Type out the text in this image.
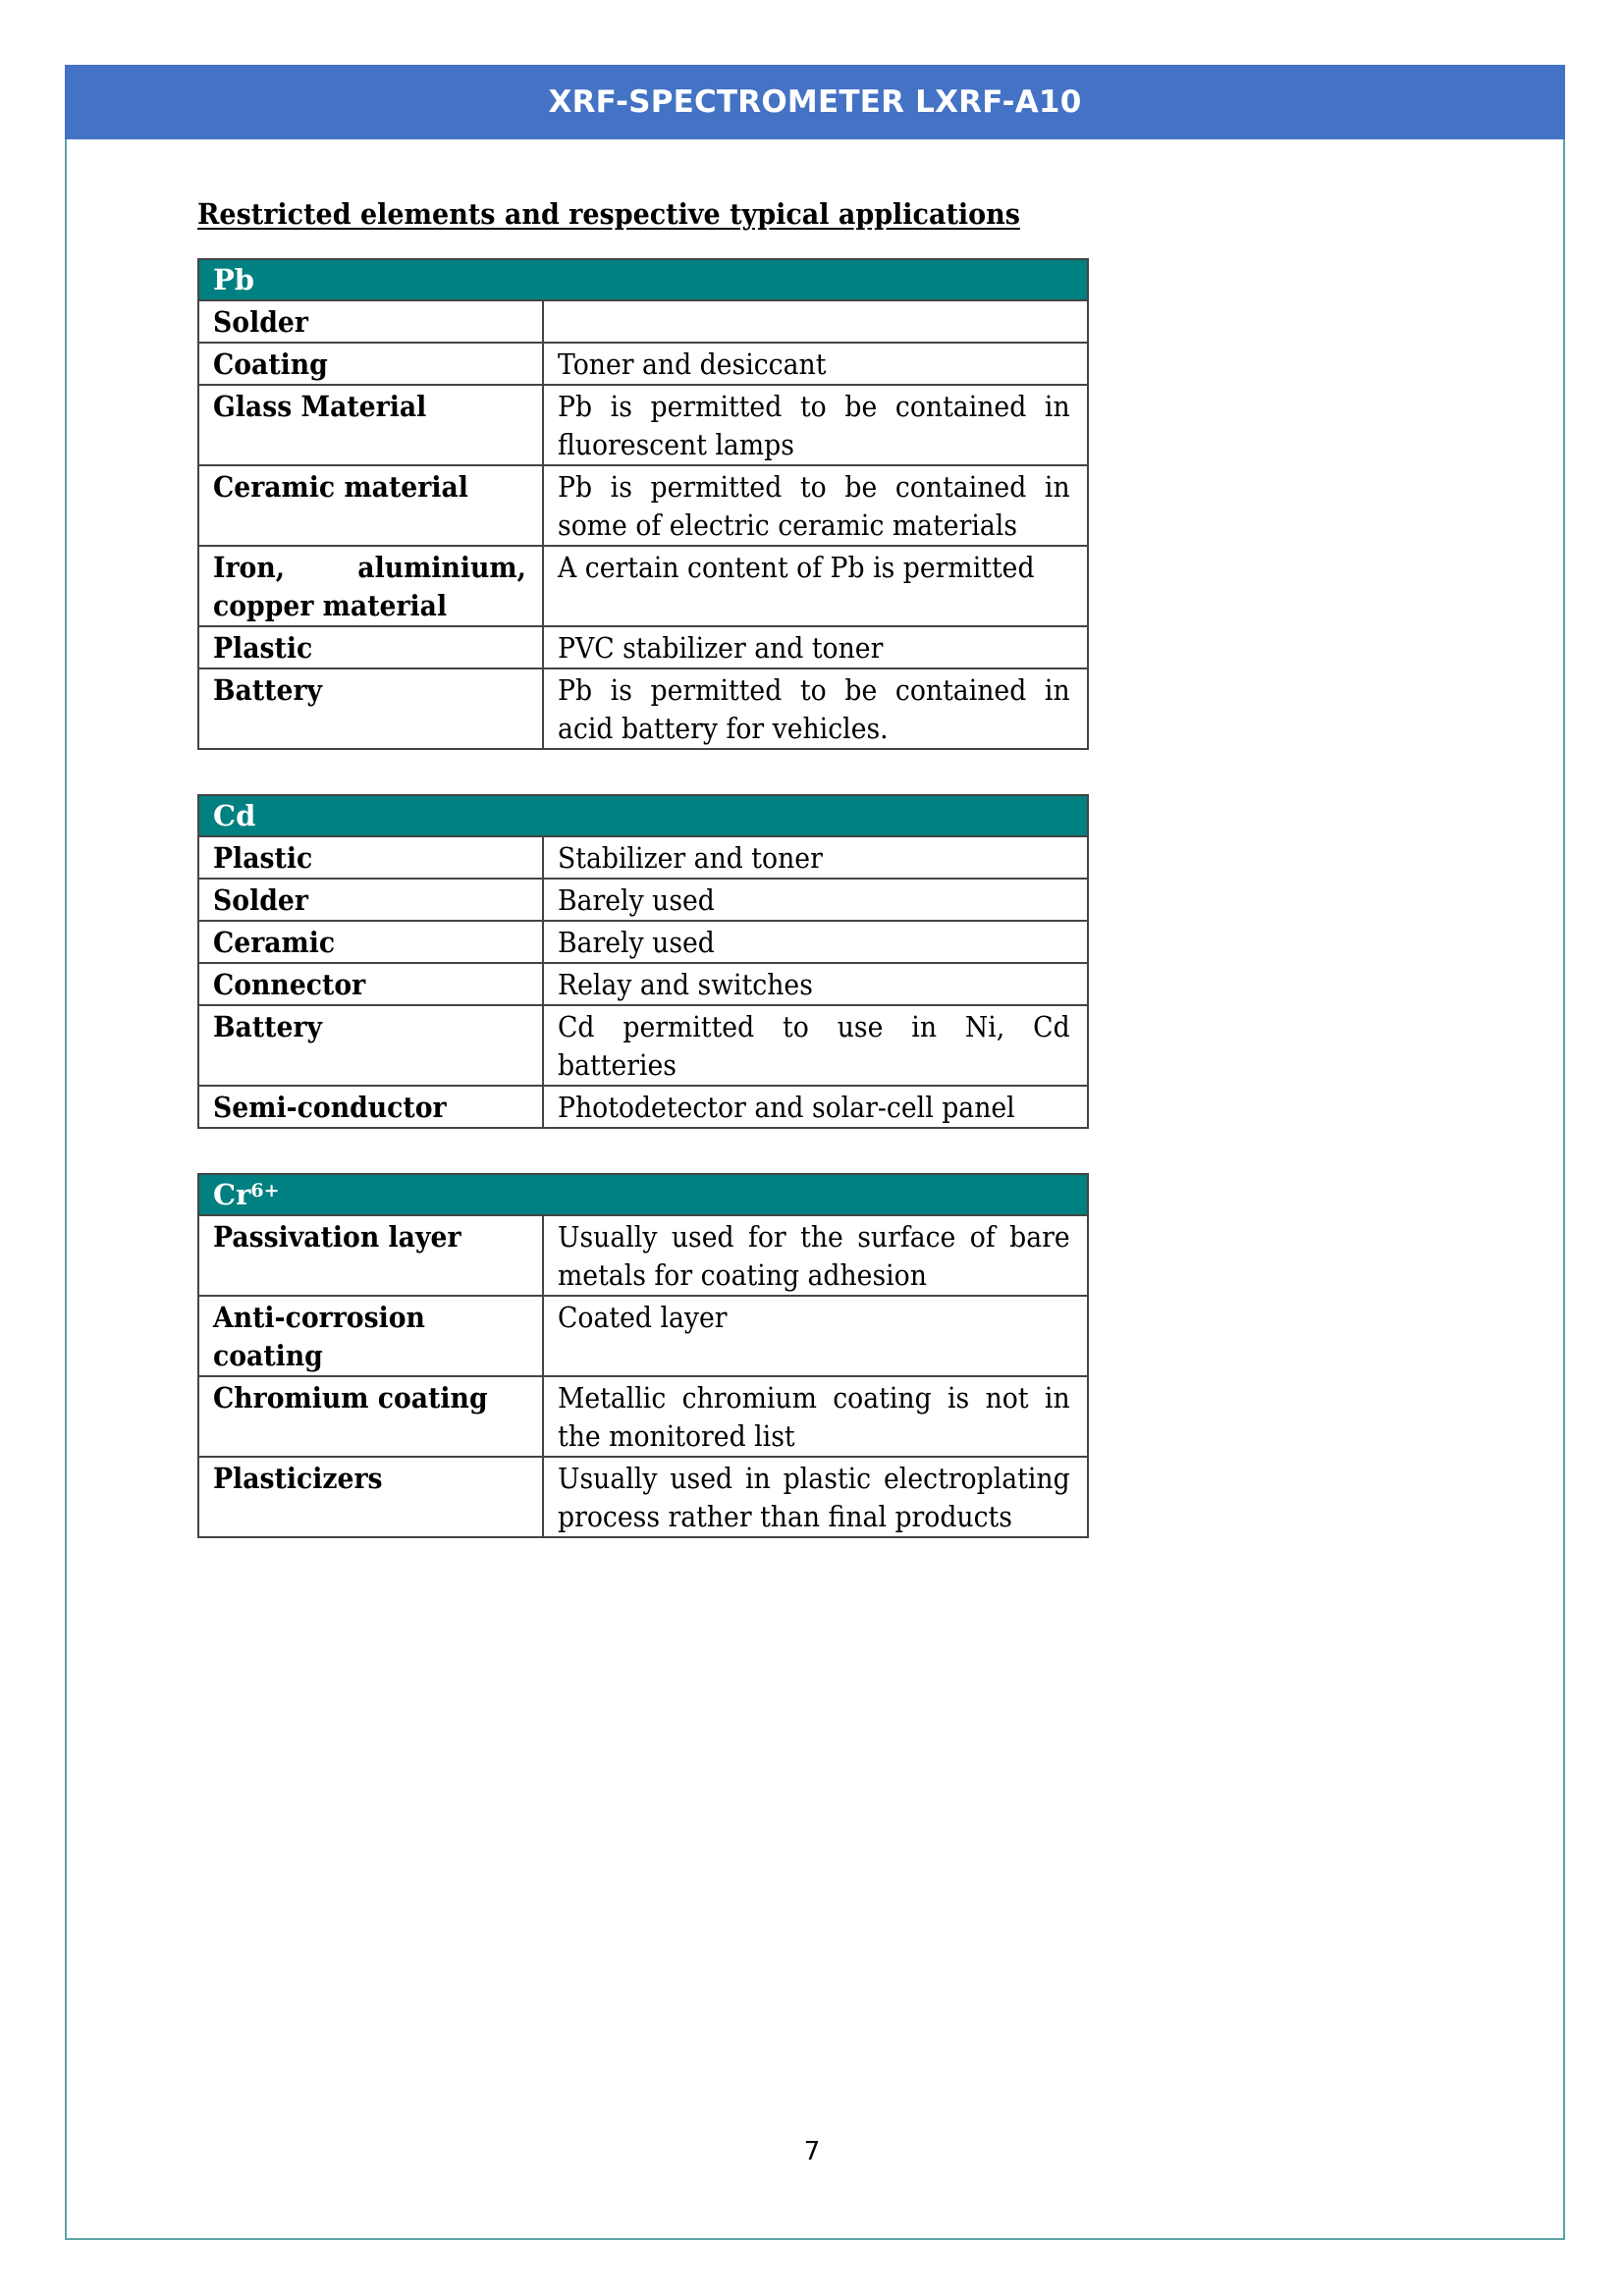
XRF-SPECTROMETER LXRF-A10
Restricted elements and respective typical applications
Pb	
Solder	
Coating	Toner and desiccant
Glass Material	Pb is permitted to be contained in fluorescent lamps
Ceramic material	Pb is permitted to be contained in some of electric ceramic materials
Iron, aluminium, copper material	A certain content of Pb is permitted
Plastic	PVC stabilizer and toner
Battery	Pb is permitted to be contained in acid battery for vehicles.
Cd	
Plastic	Stabilizer and toner
Solder	Barely used
Ceramic	Barely used
Connector	Relay and switches
Battery	Cd permitted to use in Ni, Cd batteries
Semi-conductor	Photodetector and solar-cell panel
$Cr^{6+}$
Passivation layer	Usually used for the surface of bare metals for coating adhesion
Anti-corrosion coating	Coated layer
Chromium coating	Metallic chromium coating is not in the monitored list
Plasticizers	Usually used in plastic electroplating process rather than final products
7
